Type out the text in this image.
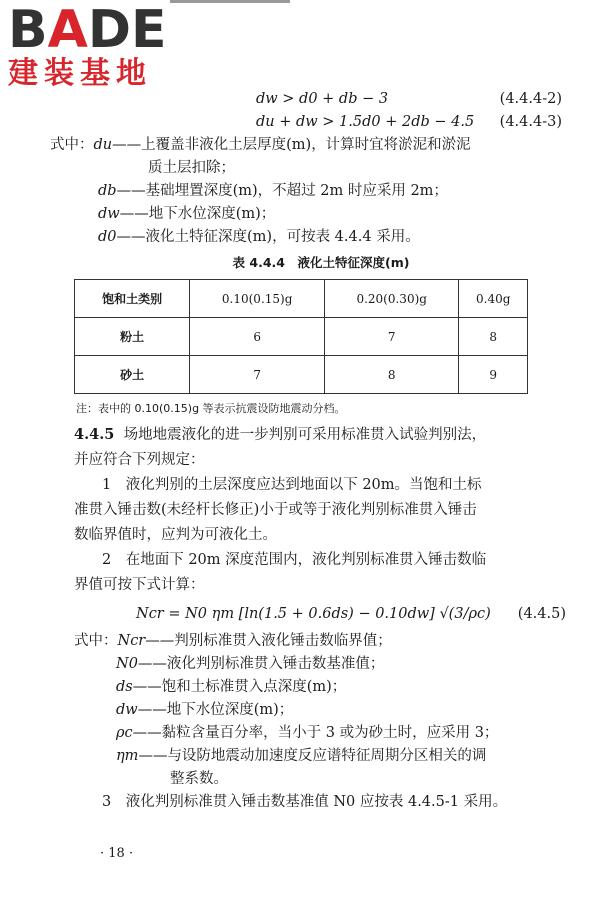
BADE
建装基地
dw > d0 + db − 3	(4.4.4-2)
du + dw > 1.5d0 + 2db − 4.5 (4.4.4-3)
式中：du——上覆盖非液化土层厚度(m)，计算时宜将淤泥和淤泥
质土层扣除；
db——基础埋置深度(m)，不超过 2m 时应采用 2m；
dw——地下水位深度(m)；
d0——液化土特征深度(m)，可按表 4.4.4 采用。
表 4.4.4　液化土特征深度(m)
饱和土类别	0.10(0.15)g	0.20(0.30)g	0.40g
粉土	6	7	8
砂土	7	8	9
注：表中的 0.10(0.15)g 等表示抗震设防地震动分档。
4.4.5 场地地震液化的进一步判别可采用标准贯入试验判别法，
并应符合下列规定：
1　液化判别的土层深度应达到地面以下 20m。当饱和土标
准贯入锤击数(未经杆长修正)小于或等于液化判别标准贯入锤击
数临界值时，应判为可液化土。
2　在地面下 20m 深度范围内，液化判别标准贯入锤击数临
界值可按下式计算：
Ncr = N0 ηm [ln(1.5 + 0.6ds) − 0.10dw] √(3/ρc) (4.4.5)
式中：Ncr——判别标准贯入液化锤击数临界值；
N0——液化判别标准贯入锤击数基准值；
ds——饱和土标准贯入点深度(m)；
dw——地下水位深度(m)；
ρc——黏粒含量百分率，当小于 3 或为砂土时，应采用 3；
ηm——与设防地震动加速度反应谱特征周期分区相关的调
整系数。
3　液化判别标准贯入锤击数基准值 N0 应按表 4.4.5-1 采用。
· 18 ·
